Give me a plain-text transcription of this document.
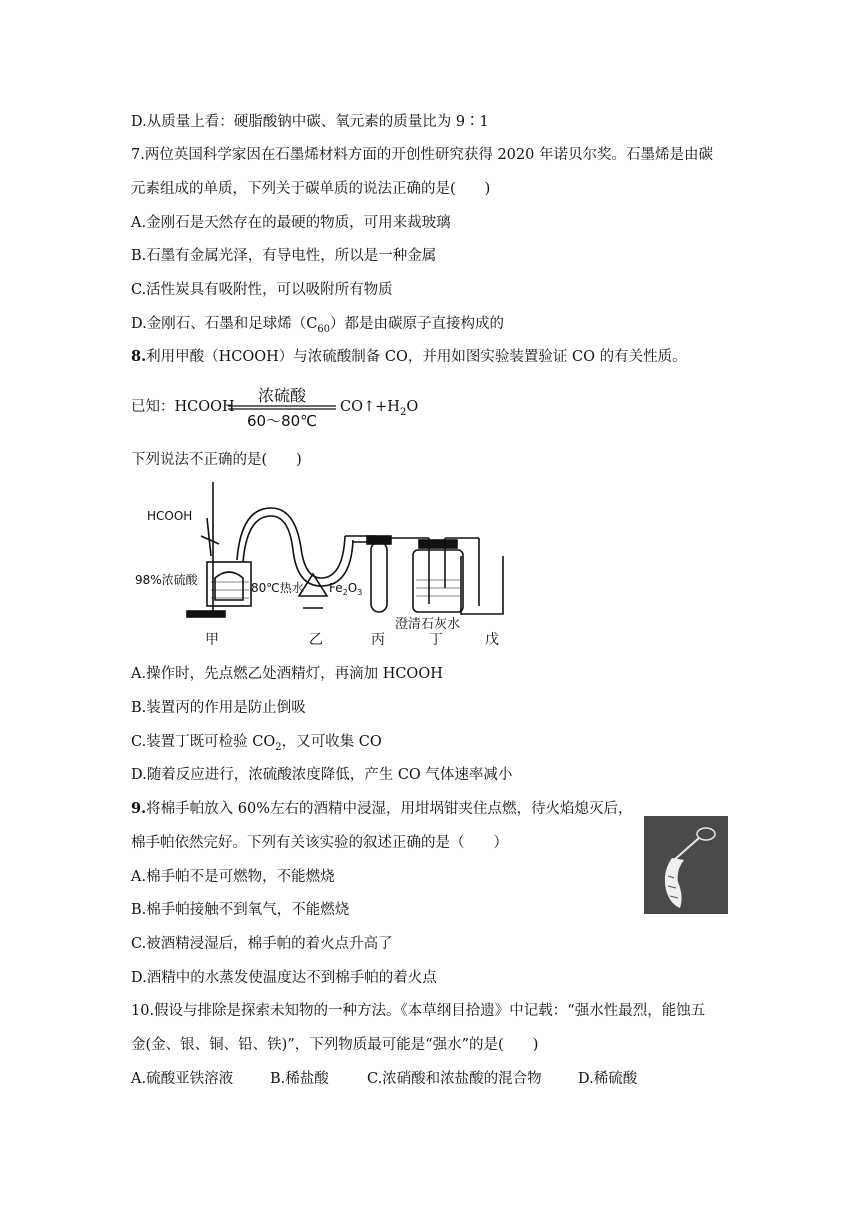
D.从质量上看：硬脂酸钠中碳、氧元素的质量比为 9∶1
7.两位英国科学家因在石墨烯材料方面的开创性研究获得 2020 年诺贝尔奖。石墨烯是由碳
元素组成的单质，下列关于碳单质的说法正确的是(　　)
A.金刚石是天然存在的最硬的物质，可用来裁玻璃
B.石墨有金属光泽，有导电性，所以是一种金属
C.活性炭具有吸附性，可以吸附所有物质
D.金刚石、石墨和足球烯$(C_{60})$都是由碳原子直接构成的
8.利用甲酸（HCOOH）与浓硫酸制备 CO，并用如图实验装置验证 CO 的有关性质。
已知：HCOOH
浓硫酸
60～80℃
$CO↑+H_2O$
下列说法不正确的是(　　)
HCOOH
98%浓硫酸
80℃热水 $Fe_2O_3$
澄清石灰水
甲	乙	丙	丁	戊
A.操作时，先点燃乙处酒精灯，再滴加 HCOOH
B.装置丙的作用是防止倒吸
C.装置丁既可检验 $CO_2$，又可收集 CO
D.随着反应进行，浓硫酸浓度降低，产生 CO 气体速率减小
9.将棉手帕放入 60%左右的酒精中浸湿，用坩埚钳夹住点燃，待火焰熄灭后，
棉手帕依然完好。下列有关该实验的叙述正确的是（　　）
A.棉手帕不是可燃物，不能燃烧
B.棉手帕接触不到氧气，不能燃烧
C.被酒精浸湿后，棉手帕的着火点升高了
D.酒精中的水蒸发使温度达不到棉手帕的着火点
10.假设与排除是探索未知物的一种方法。《本草纲目拾遗》中记载：“强水性最烈，能蚀五
金(金、银、铜、铅、铁)”，下列物质最可能是“强水”的是(　　)
A.硫酸亚铁溶液	B.稀盐酸	C.浓硝酸和浓盐酸的混合物	D.稀硫酸
